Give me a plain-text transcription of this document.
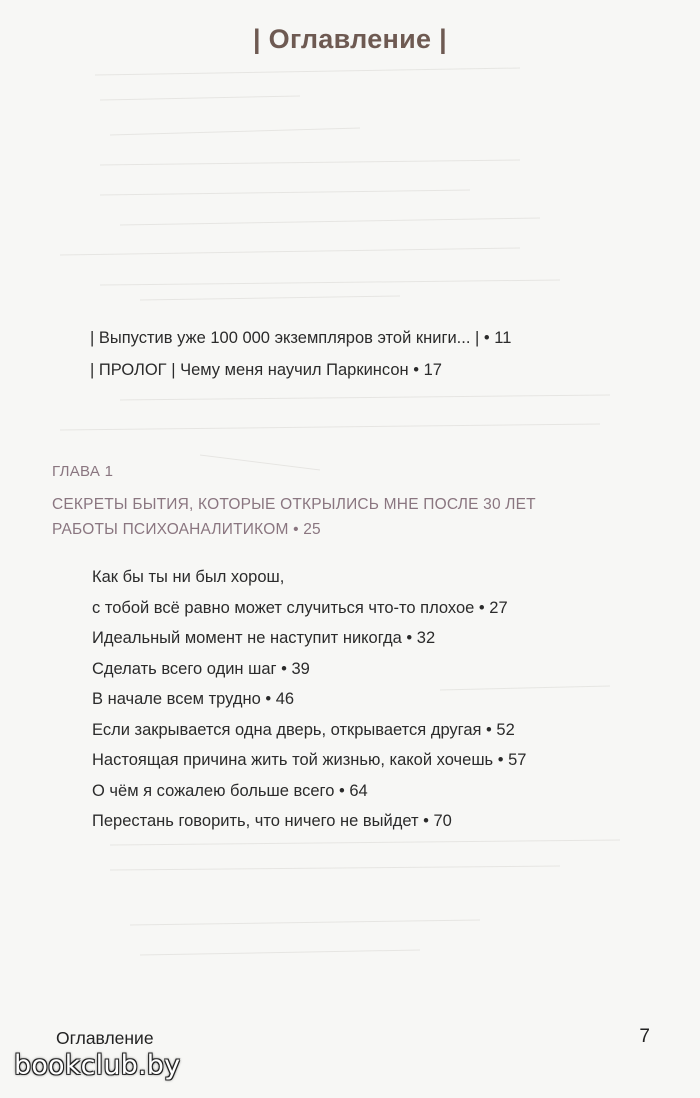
| Оглавление |
| Выпустив уже 100 000 экземпляров этой книги... | • 11
| ПРОЛОГ | Чему меня научил Паркинсон • 17
ГЛАВА 1
СЕКРЕТЫ БЫТИЯ, КОТОРЫЕ ОТКРЫЛИСЬ МНЕ ПОСЛЕ 30 ЛЕТ
РАБОТЫ ПСИХОАНАЛИТИКОМ • 25
Как бы ты ни был хорош,
с тобой всё равно может случиться что-то плохое • 27
Идеальный момент не наступит никогда • 32
Сделать всего один шаг • 39
В начале всем трудно • 46
Если закрывается одна дверь, открывается другая • 52
Настоящая причина жить той жизнью, какой хочешь • 57
О чём я сожалею больше всего • 64
Перестань говорить, что ничего не выйдет • 70
Оглавление	7
bookclub.by
